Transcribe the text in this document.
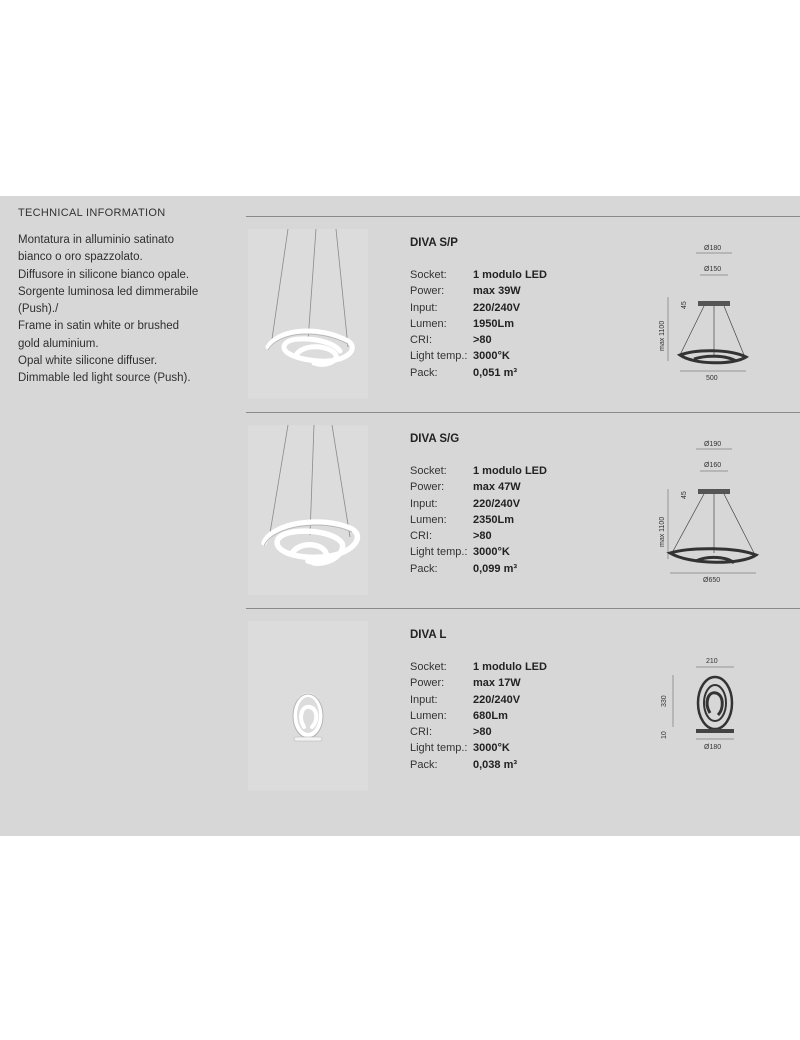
TECHNICAL INFORMATION
Montatura in alluminio satinato
bianco o oro spazzolato.
Diffusore in silicone bianco opale.
Sorgente luminosa led dimmerabile
(Push)./
Frame in satin white or brushed
gold aluminium.
Opal white silicone diffuser.
Dimmable led light source (Push).
DIVA S/P
Socket:	1 modulo LED
Power:	max 39W
Input:	220/240V
Lumen:	1950Lm
CRI:	>80
Light temp.: 3000°K
Pack:	0,051 m³
Ø180
Ø150
45
max 1100
500
DIVA S/G
Socket:	1 modulo LED
Power:	max 47W
Input:	220/240V
Lumen:	2350Lm
CRI:	>80
Light temp.: 3000°K
Pack:	0,099 m³
Ø190
Ø160
45
max 1100
Ø650
DIVA L
Socket:	1 modulo LED
Power:	max 17W
Input:	220/240V
Lumen:	680Lm
CRI:	>80
Light temp.: 3000°K
Pack:	0,038 m³
210
330
10
Ø180
